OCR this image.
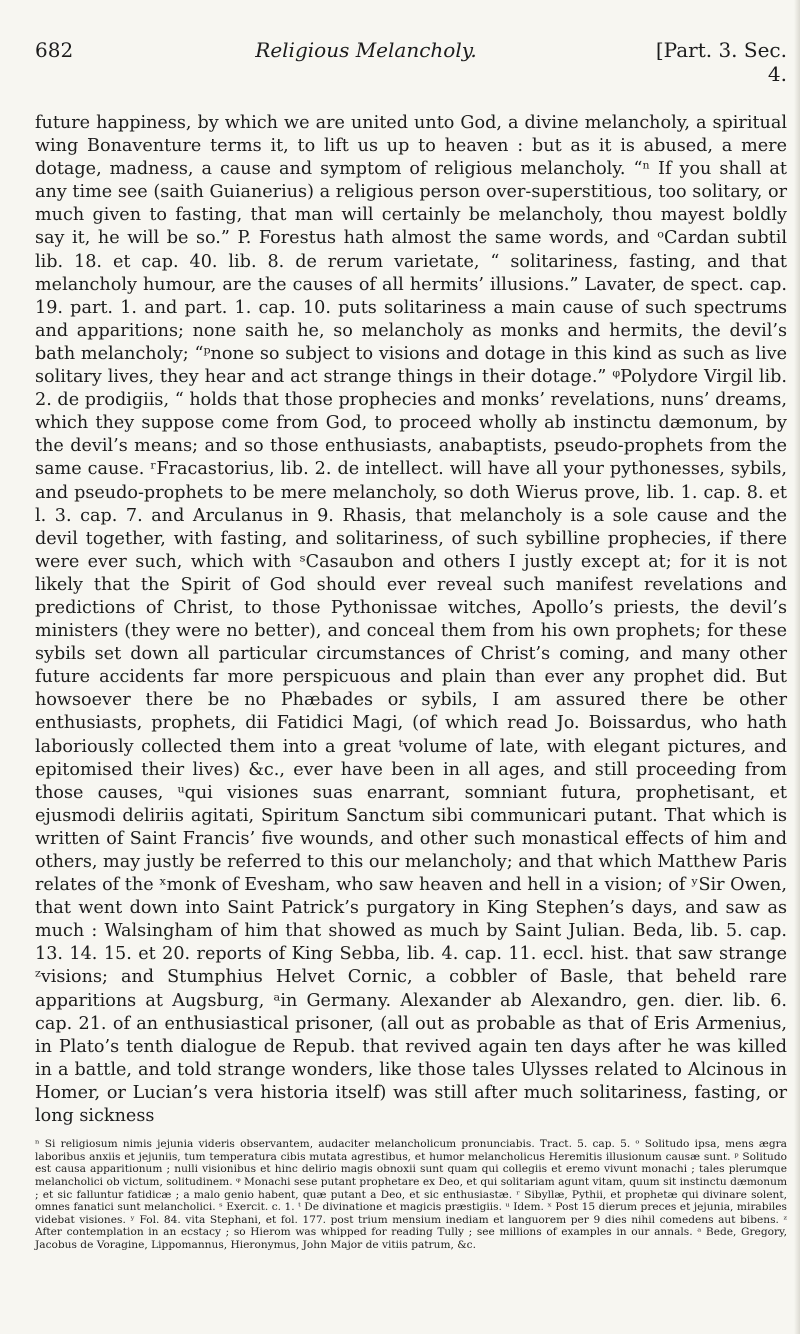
682	Religious Melancholy.	[Part. 3. Sec. 4.

future happiness, by which we are united unto God, a divine melancholy, a spiritual wing Bonaventure terms it, to lift us up to heaven : but as it is abused, a mere dotage, madness, a cause and symptom of religious melancholy. “ⁿ If you shall at any time see (saith Guianerius) a religious person over-superstitious, too solitary, or much given to fasting, that man will certainly be melancholy, thou mayest boldly say it, he will be so.” P. Forestus hath almost the same words, and ᵒCardan subtil lib. 18. et cap. 40. lib. 8. de rerum varietate, “ solitariness, fasting, and that melancholy humour, are the causes of all hermits’ illusions.” Lavater, de spect. cap. 19. part. 1. and part. 1. cap. 10. puts solitariness a main cause of such spectrums and apparitions; none saith he, so melancholy as monks and hermits, the devil’s bath melancholy; “ᵖnone so subject to visions and dotage in this kind as such as live solitary lives, they hear and act strange things in their dotage.” ᵠPolydore Virgil lib. 2. de prodigiis, “ holds that those prophecies and monks’ revelations, nuns’ dreams, which they suppose come from God, to proceed wholly ab instinctu dæmonum, by the devil’s means; and so those enthusiasts, anabaptists, pseudo-prophets from the same cause. ʳFracastorius, lib. 2. de intellect. will have all your pythonesses, sybils, and pseudo-prophets to be mere melancholy, so doth Wierus prove, lib. 1. cap. 8. et l. 3. cap. 7. and Arculanus in 9. Rhasis, that melancholy is a sole cause and the devil together, with fasting, and solitariness, of such sybilline prophecies, if there were ever such, which with ˢCasaubon and others I justly except at; for it is not likely that the Spirit of God should ever reveal such manifest revelations and predictions of Christ, to those Pythonissae witches, Apollo’s priests, the devil’s ministers (they were no better), and conceal them from his own prophets; for these sybils set down all particular circumstances of Christ’s coming, and many other future accidents far more perspicuous and plain than ever any prophet did. But howsoever there be no Phæbades or sybils, I am assured there be other enthusiasts, prophets, dii Fatidici Magi, (of which read Jo. Boissardus, who hath laboriously collected them into a great ᵗvolume of late, with elegant pictures, and epitomised their lives) &c., ever have been in all ages, and still proceeding from those causes, ᵘqui visiones suas enarrant, somniant futura, prophetisant, et ejusmodi deliriis agitati, Spiritum Sanctum sibi communicari putant. That which is written of Saint Francis’ five wounds, and other such monastical effects of him and others, may justly be referred to this our melancholy; and that which Matthew Paris relates of the ˣmonk of Evesham, who saw heaven and hell in a vision; of ʸSir Owen, that went down into Saint Patrick’s purgatory in King Stephen’s days, and saw as much : Walsingham of him that showed as much by Saint Julian. Beda, lib. 5. cap. 13. 14. 15. et 20. reports of King Sebba, lib. 4. cap. 11. eccl. hist. that saw strange ᶻvisions; and Stumphius Helvet Cornic, a cobbler of Basle, that beheld rare apparitions at Augsburg, ᵃin Germany. Alexander ab Alexandro, gen. dier. lib. 6. cap. 21. of an enthusiastical prisoner, (all out as probable as that of Eris Armenius, in Plato’s tenth dialogue de Repub. that revived again ten days after he was killed in a battle, and told strange wonders, like those tales Ulysses related to Alcinous in Homer, or Lucian’s vera historia itself) was still after much solitariness, fasting, or long sickness

ⁿ Si religiosum nimis jejunia videris observantem, audaciter melancholicum pronunciabis. Tract. 5. cap. 5. ᵒ Solitudo ipsa, mens ægra laboribus anxiis et jejuniis, tum temperatura cibis mutata agrestibus, et humor melancholicus Heremitis illusionum causæ sunt. ᵖ Solitudo est causa apparitionum ; nulli visionibus et hinc delirio magis obnoxii sunt quam qui collegiis et eremo vivunt monachi ; tales plerumque melancholici ob victum, solitudinem. ᵠ Monachi sese putant prophetare ex Deo, et qui solitariam agunt vitam, quum sit instinctu dæmonum ; et sic falluntur fatidicæ ; a malo genio habent, quæ putant a Deo, et sic enthusiastæ. ʳ Sibyllæ, Pythii, et prophetæ qui divinare solent, omnes fanatici sunt melancholici. ˢ Exercit. c. 1. ᵗ De divinatione et magicis præstigiis. ᵘ Idem. ˣ Post 15 dierum preces et jejunia, mirabiles videbat visiones. ʸ Fol. 84. vita Stephani, et fol. 177. post trium mensium inediam et languorem per 9 dies nihil comedens aut bibens. ᶻ After contemplation in an ecstacy ; so Hierom was whipped for reading Tully ; see millions of examples in our annals. ᵃ Bede, Gregory, Jacobus de Voragine, Lippomannus, Hieronymus, John Major de vitiis patrum, &c.
